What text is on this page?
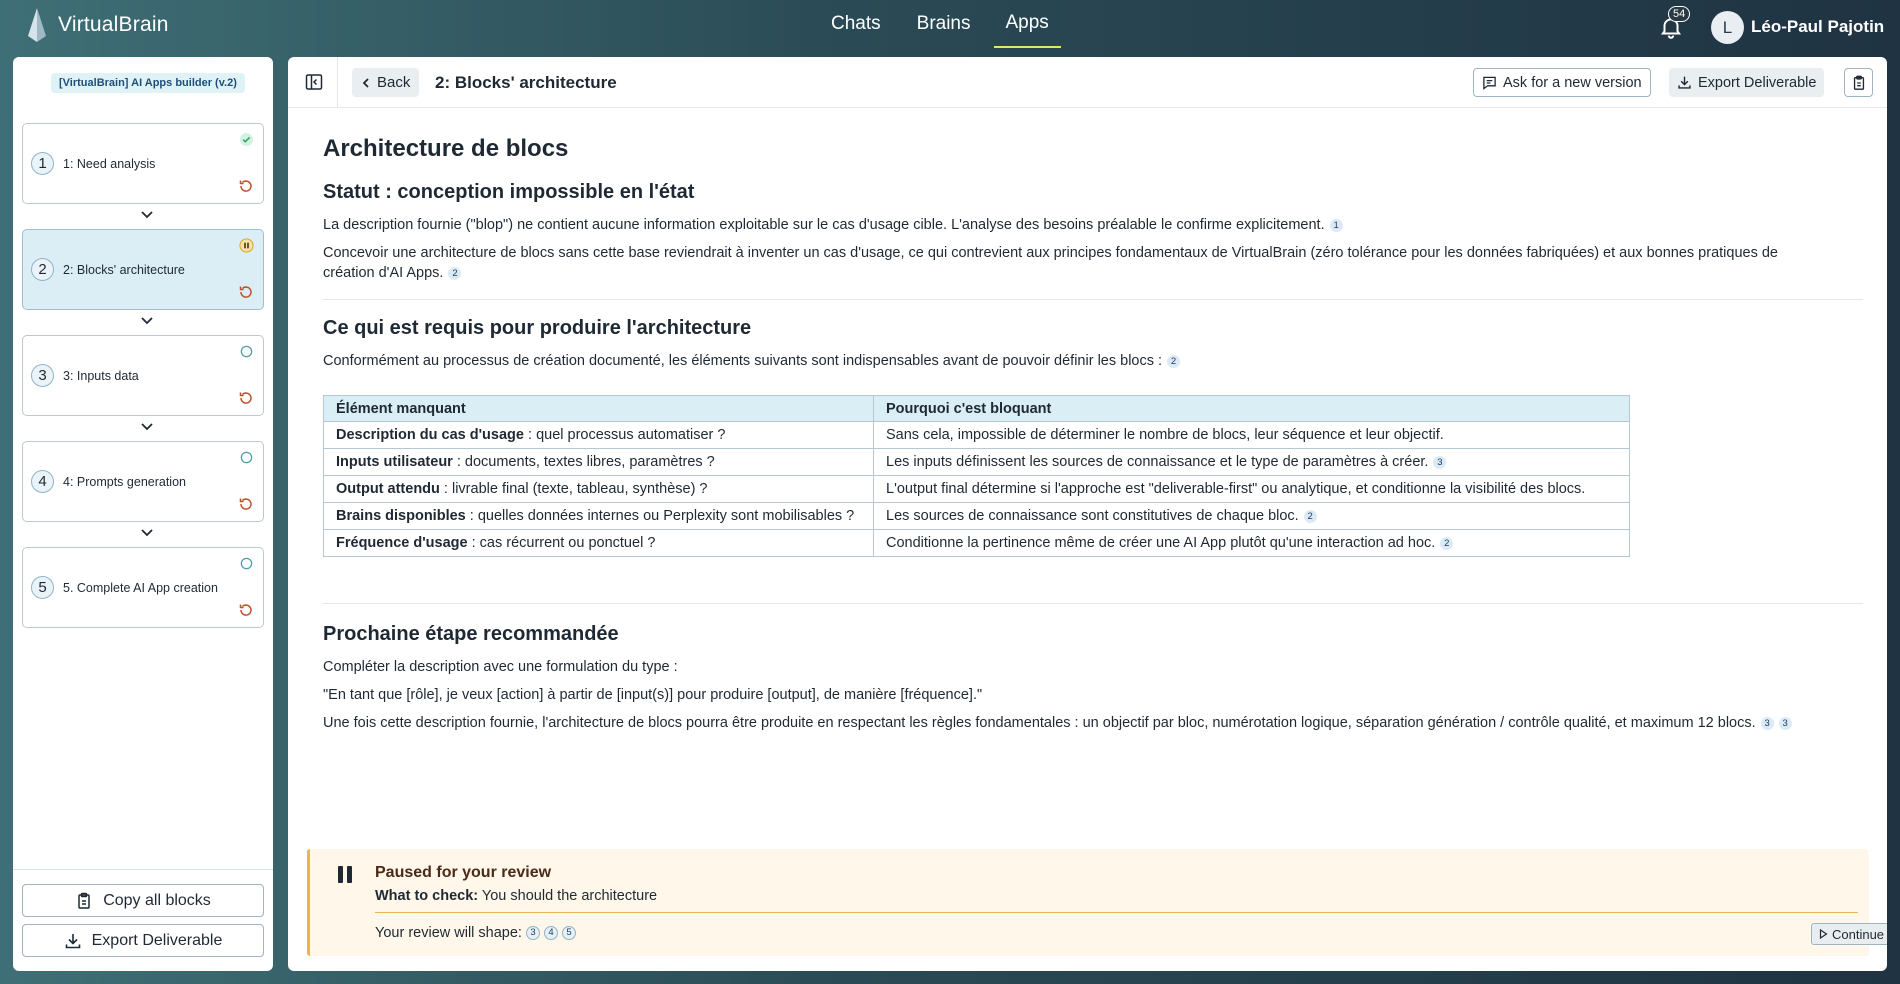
VirtualBrain	Chats Brains	Apps	54
L	Léo-Paul Pajotin
[VirtualBrain] AI Apps builder (v.2)
1	1: Need analysis
2	2: Blocks' architecture
3	3: Inputs data
4	4: Prompts generation
5	5. Complete AI App creation
Copy all blocks
Export Deliverable
Back 2: Blocks' architecture	Ask for a new version	Export Deliverable
Architecture de blocs
Statut : conception impossible en l'état

La description fournie ("blop") ne contient aucune information exploitable sur le cas d'usage cible. L'analyse des besoins préalable le confirme explicitement. 1

Concevoir une architecture de blocs sans cette base reviendrait à inventer un cas d'usage, ce qui contrevient aux principes fondamentaux de VirtualBrain (zéro tolérance pour les données fabriquées) et aux bonnes pratiques de
création d'AI Apps. 2

Ce qui est requis pour produire l'architecture

Conformément au processus de création documenté, les éléments suivants sont indispensables avant de pouvoir définir les blocs : 2

Élément manquant	Pourquoi c'est bloquant
Description du cas d'usage : quel processus automatiser ?	Sans cela, impossible de déterminer le nombre de blocs, leur séquence et leur objectif.
Inputs utilisateur : documents, textes libres, paramètres ?	Les inputs définissent les sources de connaissance et le type de paramètres à créer. 3
Output attendu : livrable final (texte, tableau, synthèse) ?	L'output final détermine si l'approche est "deliverable-first" ou analytique, et conditionne la visibilité des blocs.
Brains disponibles : quelles données internes ou Perplexity sont mobilisables ?	Les sources de connaissance sont constitutives de chaque bloc. 2
Fréquence d'usage : cas récurrent ou ponctuel ?	Conditionne la pertinence même de créer une AI App plutôt qu'une interaction ad hoc. 2
Prochaine étape recommandée

Compléter la description avec une formulation du type :

"En tant que [rôle], je veux [action] à partir de [input(s)] pour produire [output], de manière [fréquence]."

Une fois cette description fournie, l'architecture de blocs pourra être produite en respectant les règles fondamentales : un objectif par bloc, numérotation logique, séparation génération / contrôle qualité, et maximum 12 blocs. 3 3

Paused for your review
What to check: You should the architecture
Your review will shape: 3	4	5	Continue
